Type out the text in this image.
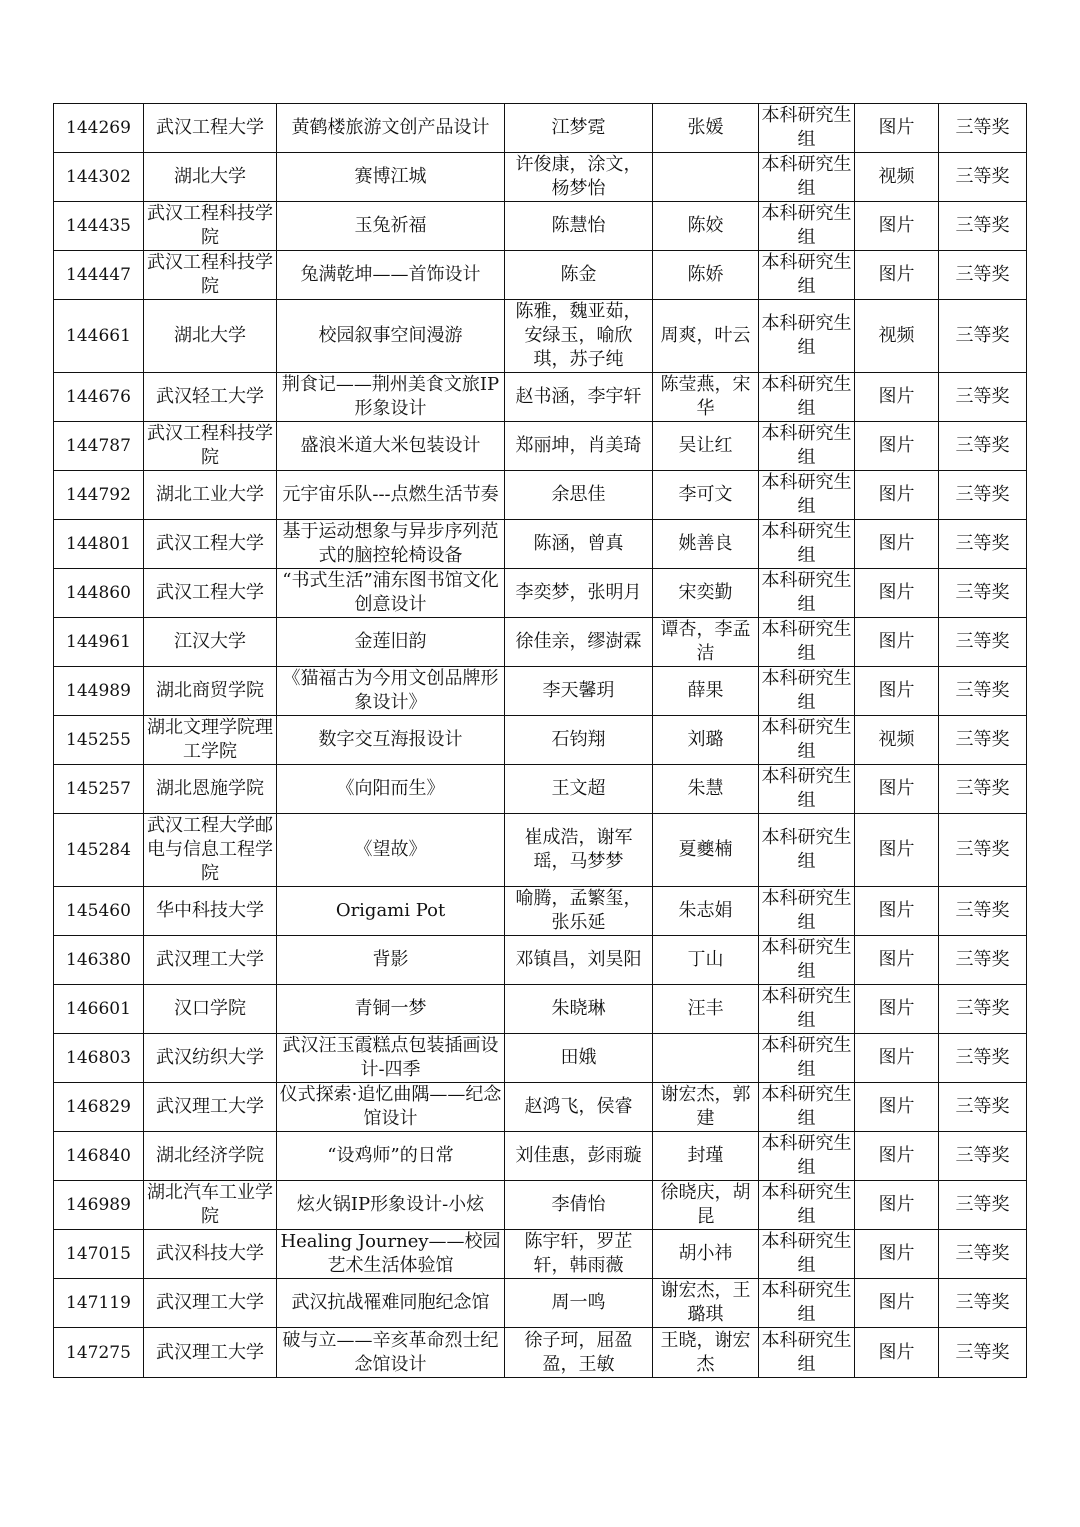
144269	武汉工程大学	黄鹤楼旅游文创产品设计	江梦霓	张媛	本科研究生组	图片	三等奖
144302	湖北大学	赛博江城	许俊康，涂文，杨梦怡		本科研究生组	视频	三等奖
144435	武汉工程科技学院	玉兔祈福	陈慧怡	陈姣	本科研究生组	图片	三等奖
144447	武汉工程科技学院	兔满乾坤——首饰设计	陈金	陈娇	本科研究生组	图片	三等奖
144661	湖北大学	校园叙事空间漫游	陈雅，魏亚茹，安绿玉，喻欣琪，苏子纯	周爽，叶云	本科研究生组	视频	三等奖
144676	武汉轻工大学	荆食记——荆州美食文旅IP形象设计	赵书涵，李宇轩	陈莹燕，宋华	本科研究生组	图片	三等奖
144787	武汉工程科技学院	盛浪米道大米包装设计	郑丽坤，肖美琦	吴让红	本科研究生组	图片	三等奖
144792	湖北工业大学	元宇宙乐队---点燃生活节奏	余思佳	李可文	本科研究生组	图片	三等奖
144801	武汉工程大学	基于运动想象与异步序列范式的脑控轮椅设备	陈涵，曾真	姚善良	本科研究生组	图片	三等奖
144860	武汉工程大学	“书式生活”浦东图书馆文化创意设计	李奕梦，张明月	宋奕勤	本科研究生组	图片	三等奖
144961	江汉大学	金莲旧韵	徐佳亲，缪澍霖	谭杏，李孟洁	本科研究生组	图片	三等奖
144989	湖北商贸学院	《猫福古为今用文创品牌形象设计》	李天馨玥	薛果	本科研究生组	图片	三等奖
145255	湖北文理学院理工学院	数字交互海报设计	石钧翔	刘璐	本科研究生组	视频	三等奖
145257	湖北恩施学院	《向阳而生》	王文超	朱慧	本科研究生组	图片	三等奖
145284	武汉工程大学邮电与信息工程学院	《望故》	崔成浩，谢军瑶，马梦梦	夏夔楠	本科研究生组	图片	三等奖
145460	华中科技大学	Origami Pot	喻腾，孟繁玺，张乐延	朱志娟	本科研究生组	图片	三等奖
146380	武汉理工大学	背影	邓镇昌，刘昊阳	丁山	本科研究生组	图片	三等奖
146601	汉口学院	青铜一梦	朱晓琳	汪丰	本科研究生组	图片	三等奖
146803	武汉纺织大学	武汉汪玉霞糕点包装插画设计-四季	田娥		本科研究生组	图片	三等奖
146829	武汉理工大学	仪式探索·追忆曲隅——纪念馆设计	赵鸿飞，侯睿	谢宏杰，郭建	本科研究生组	图片	三等奖
146840	湖北经济学院	“设鸡师”的日常	刘佳惠，彭雨璇	封瑾	本科研究生组	图片	三等奖
146989	湖北汽车工业学院	炫火锅IP形象设计-小炫	李倩怡	徐晓庆，胡昆	本科研究生组	图片	三等奖
147015	武汉科技大学	Healing Journey——校园艺术生活体验馆	陈宇轩，罗芷轩，韩雨薇	胡小祎	本科研究生组	图片	三等奖
147119	武汉理工大学	武汉抗战罹难同胞纪念馆	周一鸣	谢宏杰，王璐琪	本科研究生组	图片	三等奖
147275	武汉理工大学	破与立——辛亥革命烈士纪念馆设计	徐子珂，屈盈盈，王敏	王晓，谢宏杰	本科研究生组	图片	三等奖
